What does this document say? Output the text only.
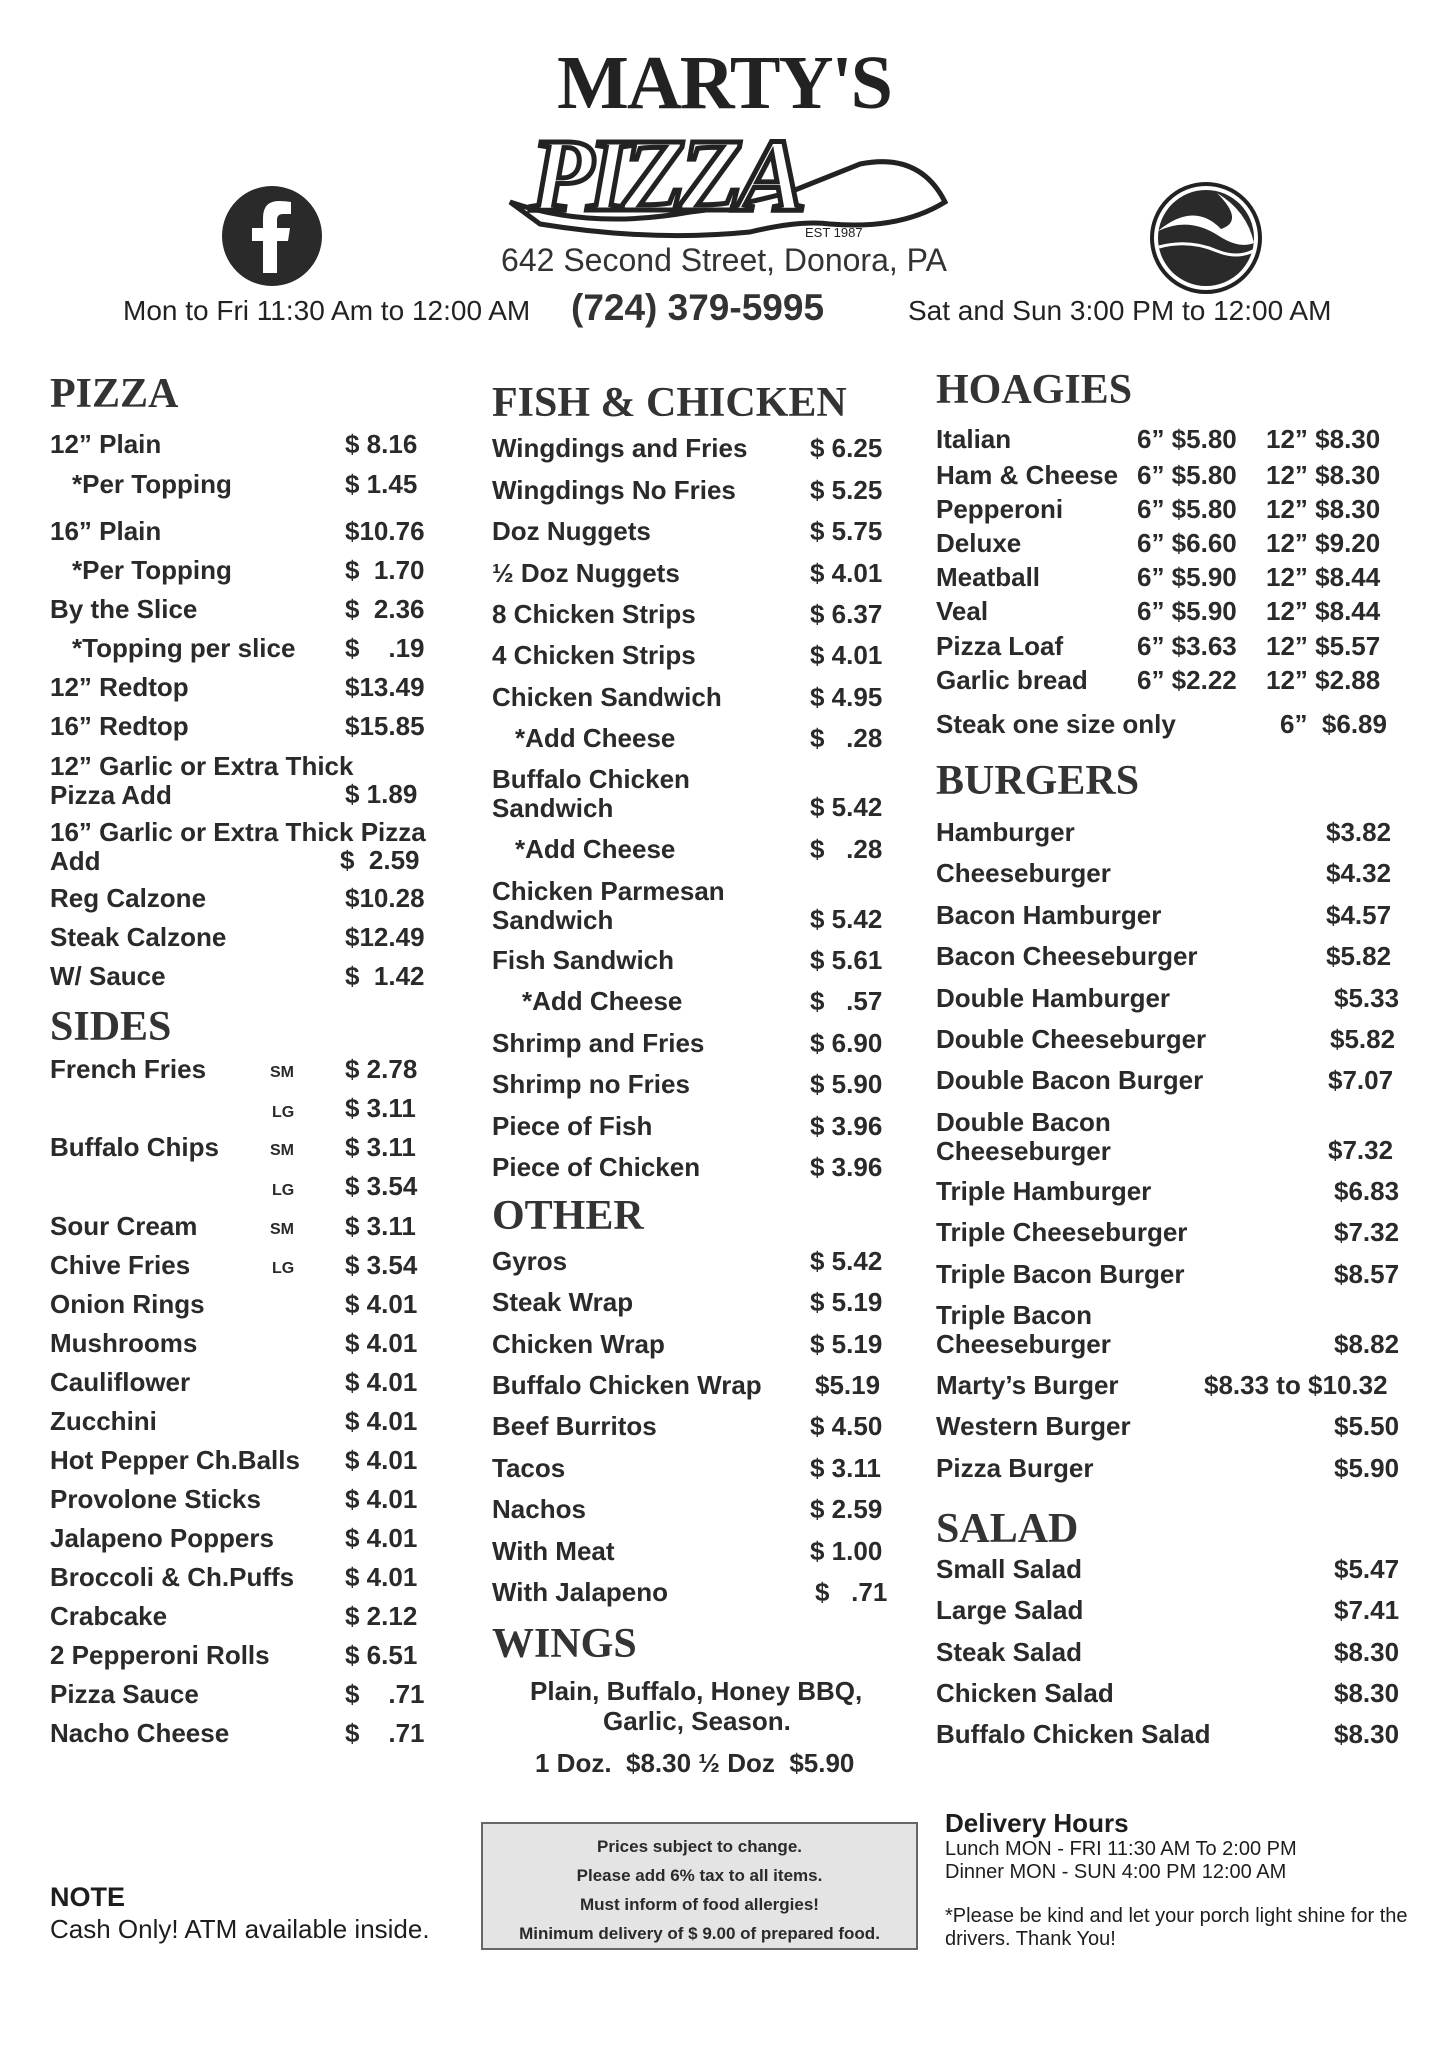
MARTY'S
PIZZA EST 1987
642 Second Street, Donora, PA
Mon to Fri 11:30 Am to 12:00 AM (724) 379-5995	Sat and Sun 3:00 PM to 12:00 AM
PIZZA
12” Plain	$ 8.16
*Per Topping	$ 1.45
16” Plain	$10.76
*Per Topping	$  1.70
By the Slice	$  2.36
*Topping per slice $    .19
12” Redtop	$13.49
16” Redtop	$15.85
12” Garlic or Extra Thick Pizza Add	$ 1.89
16” Garlic or Extra Thick Pizza Add	$  2.59
Reg Calzone	$10.28
Steak Calzone	$12.49
W/ Sauce	$  1.42
SIDES
French Fries	SM $ 2.78
LG $ 3.11
Buffalo Chips	SM $ 3.11
LG $ 3.54
Sour Cream	SM $ 3.11
Chive Fries	LG $ 3.54
Onion Rings	$ 4.01
Mushrooms	$ 4.01
Cauliflower	$ 4.01
Zucchini	$ 4.01
Hot Pepper Ch.Balls $ 4.01
Provolone Sticks	$ 4.01
Jalapeno Poppers	$ 4.01
Broccoli & Ch.Puffs $ 4.01
Crabcake	$ 2.12
2 Pepperoni Rolls	$ 6.51
Pizza Sauce	$    .71
Nacho Cheese	$    .71
FISH & CHICKEN
Wingdings and Fries $ 6.25
Wingdings No Fries	$ 5.25
Doz Nuggets	$ 5.75
½ Doz Nuggets	$ 4.01
8 Chicken Strips	$ 6.37
4 Chicken Strips	$ 4.01
Chicken Sandwich	$ 4.95
*Add Cheese	$   .28
Buffalo Chicken Sandwich	$ 5.42
*Add Cheese	$   .28
Chicken Parmesan Sandwich	$ 5.42
Fish Sandwich	$ 5.61
*Add Cheese	$   .57
Shrimp and Fries	$ 6.90
Shrimp no Fries	$ 5.90
Piece of Fish	$ 3.96
Piece of Chicken	$ 3.96
OTHER
Gyros	$ 5.42
Steak Wrap	$ 5.19
Chicken Wrap	$ 5.19
Buffalo Chicken Wrap $5.19
Beef Burritos	$ 4.50
Tacos	$ 3.11
Nachos	$ 2.59
With Meat	$ 1.00
With Jalapeno	$   .71
WINGS
Plain, Buffalo, Honey BBQ,
Garlic, Season.
1 Doz.  $8.30 ½ Doz  $5.90
HOAGIES
Italian	6” $5.80 12” $8.30
Ham & Cheese 6” $5.80 12” $8.30
Pepperoni	6” $5.80 12” $8.30
Deluxe	6” $6.60 12” $9.20
Meatball	6” $5.90 12” $8.44
Veal	6” $5.90 12” $8.44
Pizza Loaf	6” $3.63 12” $5.57
Garlic bread 6” $2.22 12” $2.88
Steak one size only	6”  $6.89
BURGERS
Hamburger	$3.82
Cheeseburger	$4.32
Bacon Hamburger	$4.57
Bacon Cheeseburger	$5.82
Double Hamburger	$5.33
Double Cheeseburger	$5.82
Double Bacon Burger	$7.07
Double Bacon Cheeseburger	$7.32
Triple Hamburger	$6.83
Triple Cheeseburger	$7.32
Triple Bacon Burger	$8.57
Triple Bacon Cheeseburger	$8.82
Marty’s Burger	$8.33 to $10.32
Western Burger	$5.50
Pizza Burger	$5.90
SALAD
Small Salad	$5.47
Large Salad	$7.41
Steak Salad	$8.30
Chicken Salad	$8.30
Buffalo Chicken Salad	$8.30
NOTE
Cash Only! ATM available inside.
Prices subject to change.
Please add 6% tax to all items.
Must inform of food allergies!
Minimum delivery of $ 9.00 of prepared food.
Delivery Hours
Lunch MON - FRI 11:30 AM To 2:00 PM
Dinner MON - SUN 4:00 PM 12:00 AM
*Please be kind and let your porch light shine for the drivers. Thank You!
